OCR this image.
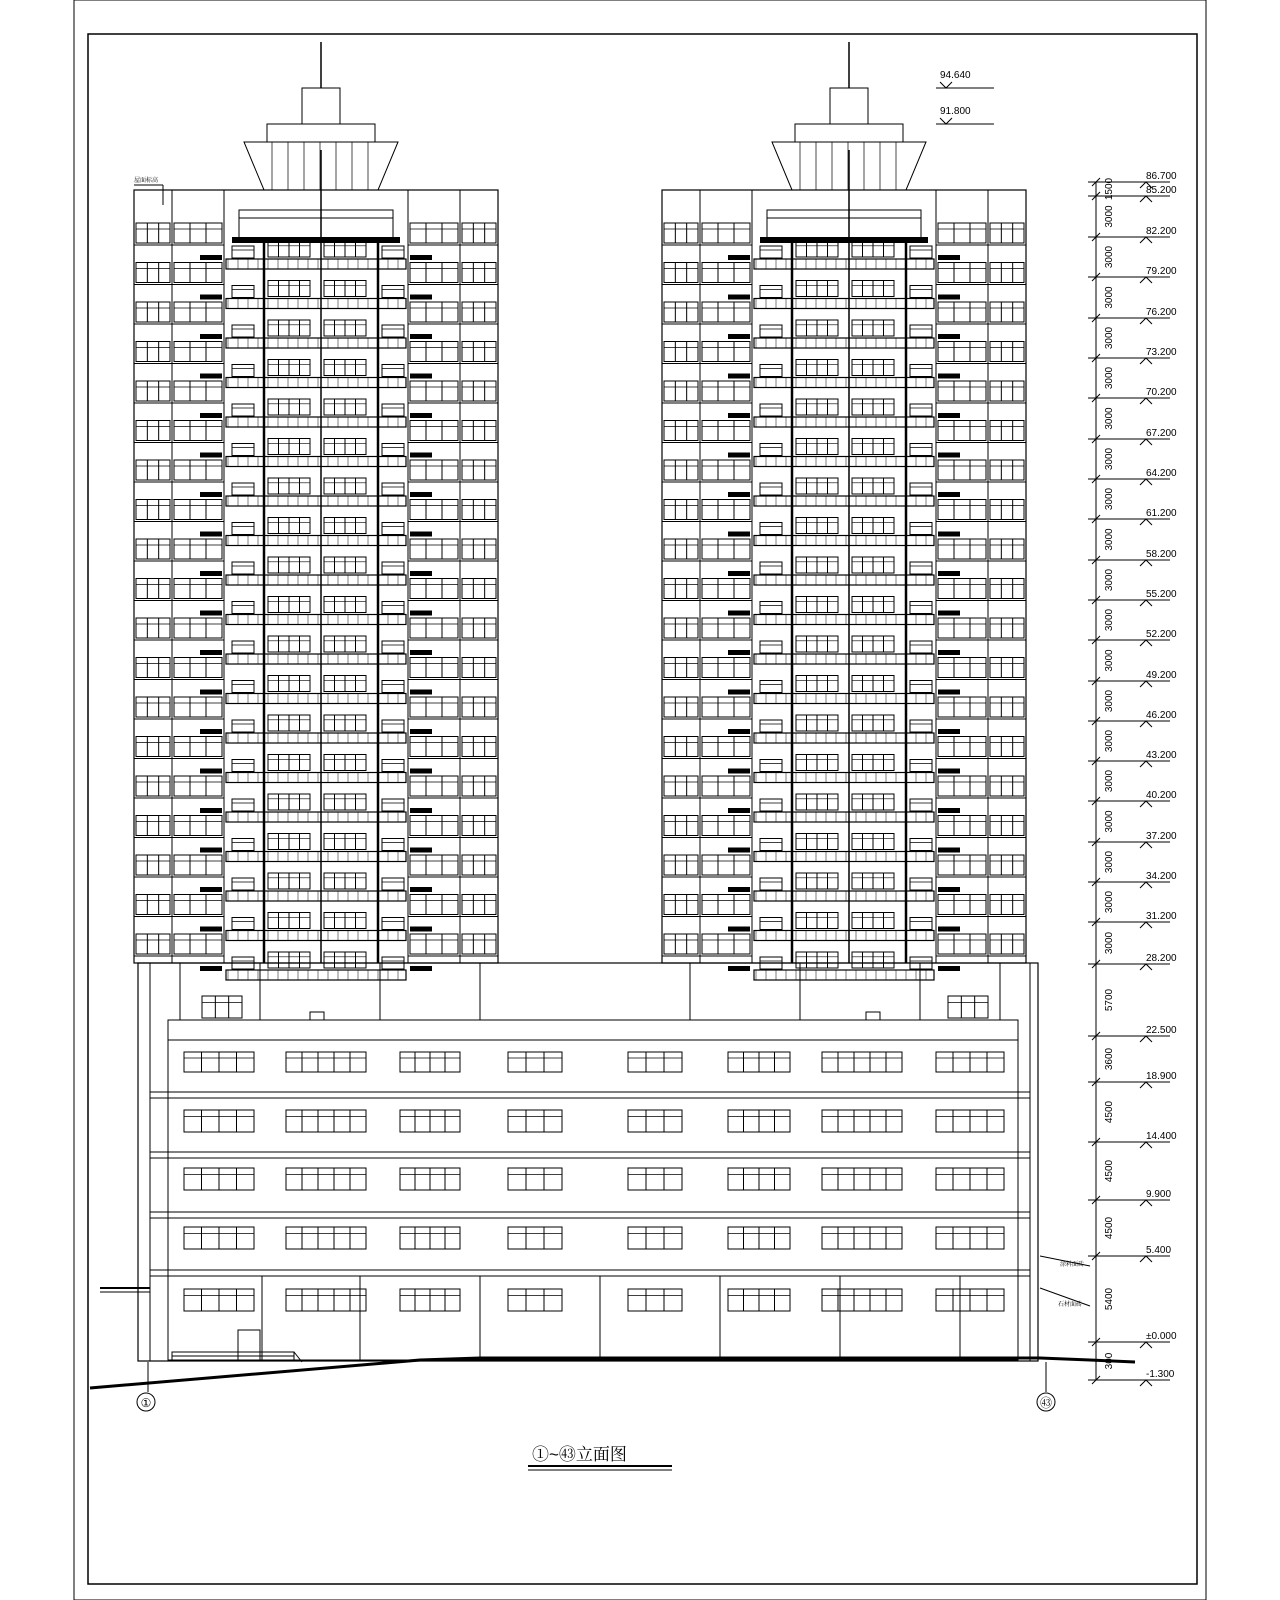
86.700
85.200
1500
82.200
3000
79.200
3000
76.200
3000
73.200
3000
70.200
3000
67.200
3000
64.200
3000
61.200
3000
58.200
3000
55.200
3000
52.200
3000
49.200
3000
46.200
3000
43.200
3000
40.200
3000
37.200
3000
34.200
3000
31.200
3000
28.200
3000
22.500
5700
18.900
3600
14.400
4500
9.900
4500
5.400
4500
±0.000
5400
-1.300
300
94.640
91.800
屋面标高
涂料面砖
石材面砖
①	㊸
①~㊸立面图
